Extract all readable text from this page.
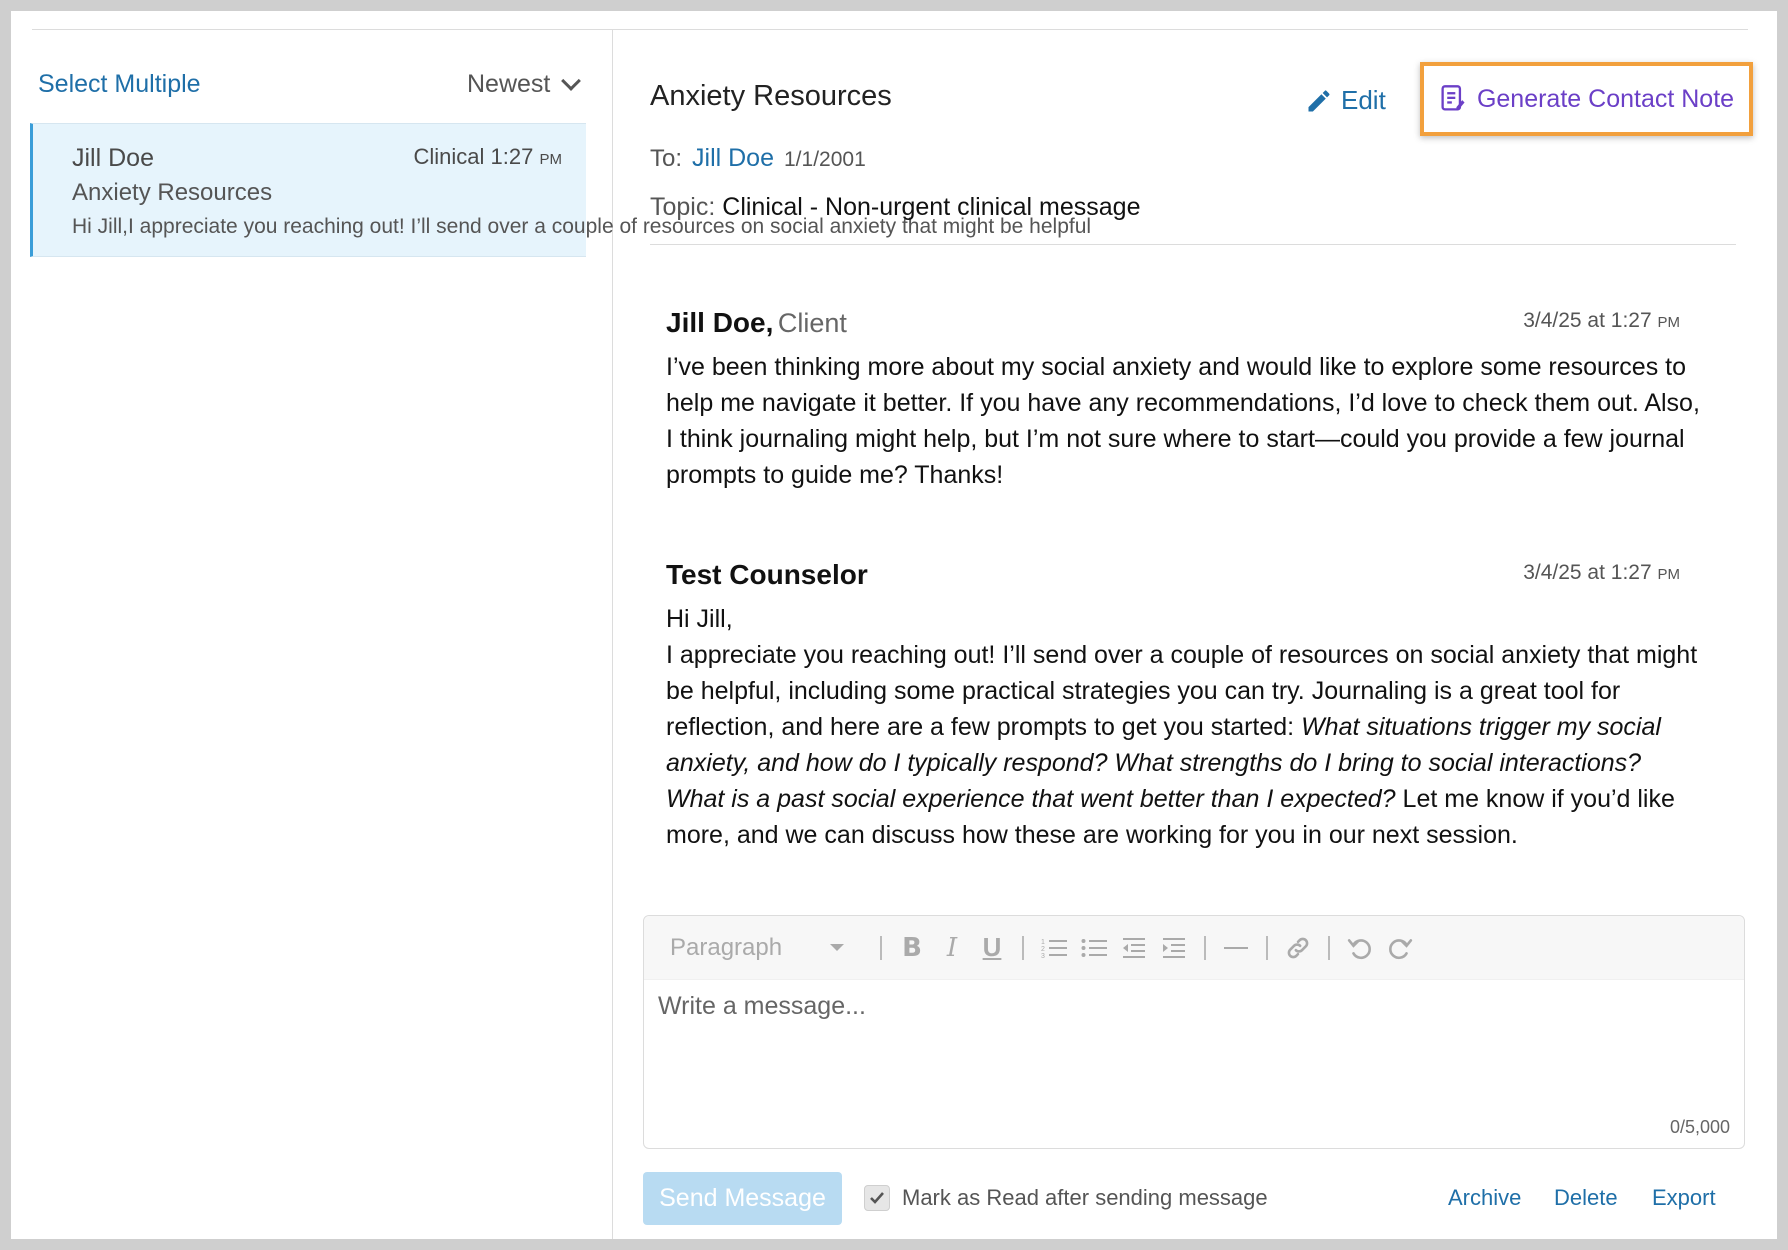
Select Multiple	Newest
Jill Doe	Clinical 1:27 PM
Anxiety Resources
Hi Jill,I appreciate you reaching out! I’ll send over a couple of resources on social anxiety that might be helpful
Anxiety Resources	Edit	Generate Contact Note
To: Jill Doe 1/1/2001
Topic: Clinical - Non-urgent clinical message
Jill Doe, Client	3/4/25 at 1:27 PM
I’ve been thinking more about my social anxiety and would like to explore some resources to help me navigate it better. If you have any recommendations, I’d love to check them out. Also, I think journaling might help, but I’m not sure where to start—could you provide a few journal prompts to guide me? Thanks!
Test Counselor	3/4/25 at 1:27 PM
Hi Jill,
I appreciate you reaching out! I’ll send over a couple of resources on social anxiety that might be helpful, including some practical strategies you can try. Journaling is a great tool for reflection, and here are a few prompts to get you started: What situations trigger my social anxiety, and how do I typically respond? What strengths do I bring to social interactions? What is a past social experience that went better than I expected? Let me know if you’d like more, and we can discuss how these are working for you in our next session.
Paragraph	B I U	1
2
3
Write a message...
0/5,000
Send Message	Mark as Read after sending message	Archive Delete Export
